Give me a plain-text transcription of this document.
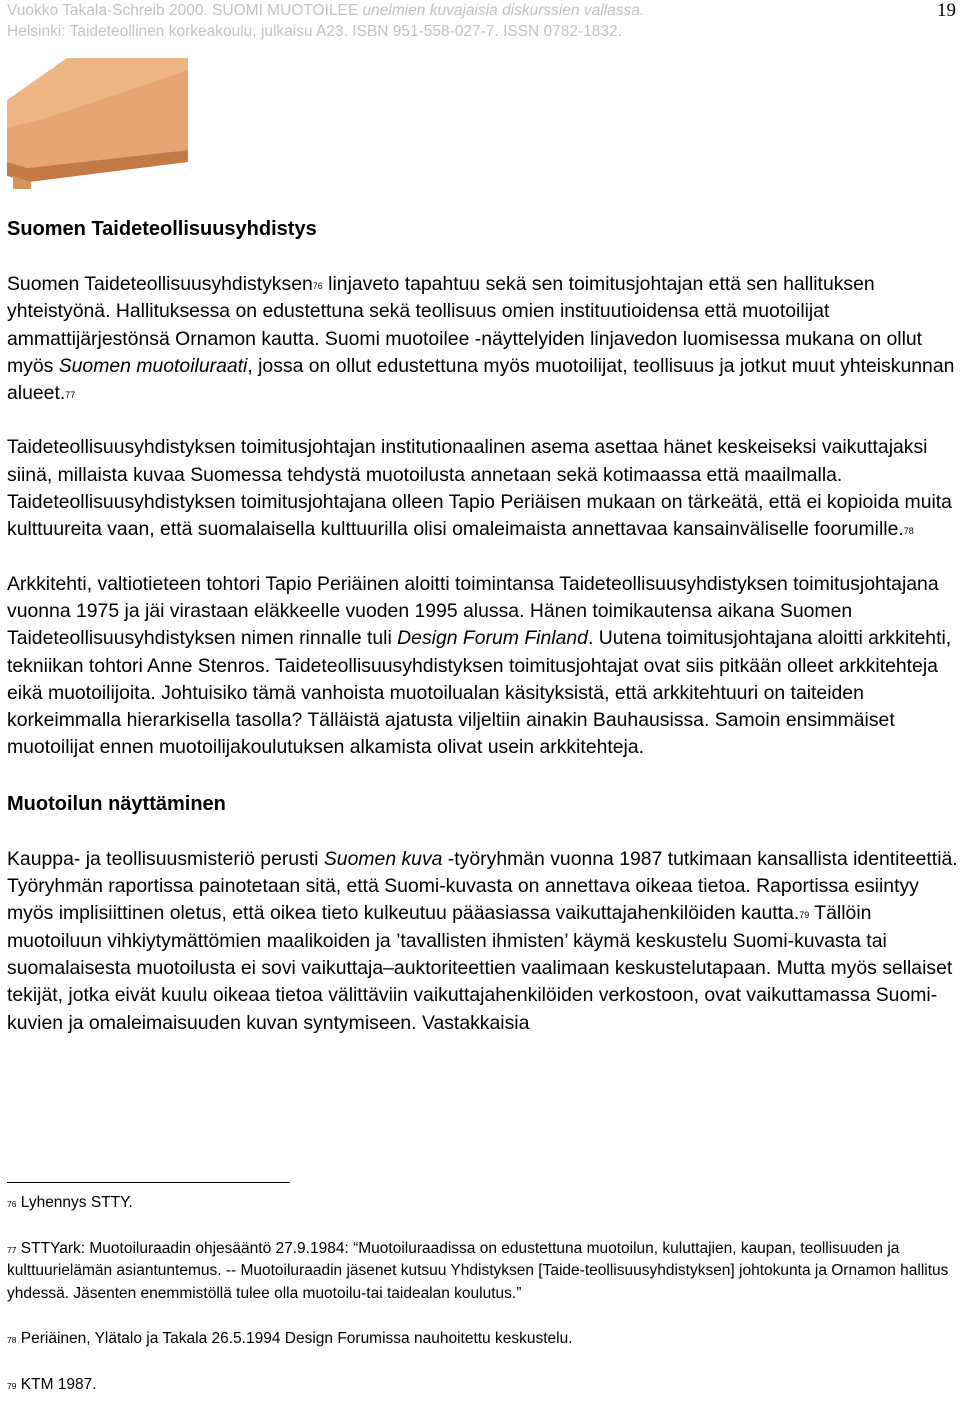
Vuokko Takala-Schreib 2000. SUOMI MUOTOILEE unelmien kuvajaisia diskurssien vallassa.
Helsinki: Taideteollinen korkeakoulu, julkaisu A23. ISBN 951-558-027-7. ISSN 0782-1832.
19
Suomen Taideteollisuusyhdistys

Suomen Taideteollisuusyhdistyksen$^{76}$ linjaveto tapahtuu sekä sen toimitusjohtajan että sen hallituksen yhteistyönä. Hallituksessa on edustettuna sekä teollisuus omien instituutioidensa että muotoilijat ammattijärjestönsä Ornamon kautta. Suomi muotoilee -näyttelyiden linjavedon luomisessa mukana on ollut myös Suomen muotoiluraati, jossa on ollut edustettuna myös muotoilijat, teollisuus ja jotkut muut yhteiskunnan alueet.$^{77}$

Taideteollisuusyhdistyksen toimitusjohtajan institutionaalinen asema asettaa hänet keskeiseksi vaikuttajaksi siinä, millaista kuvaa Suomessa tehdystä muotoilusta annetaan sekä kotimaassa että maailmalla. Taideteollisuusyhdistyksen toimitusjohtajana olleen Tapio Periäisen mukaan on tärkeätä, että ei kopioida muita kulttuureita vaan, että suomalaisella kulttuurilla olisi omaleimaista annettavaa kansainväliselle foorumille.$^{78}$

Arkkitehti, valtiotieteen tohtori Tapio Periäinen aloitti toimintansa Taideteollisuusyhdistyksen toimitusjohtajana vuonna 1975 ja jäi virastaan eläkkeelle vuoden 1995 alussa. Hänen toimikautensa aikana Suomen Taideteollisuusyhdistyksen nimen rinnalle tuli Design Forum Finland. Uutena toimitusjohtajana aloitti arkkitehti, tekniikan tohtori Anne Stenros. Taideteollisuusyhdistyksen toimitusjohtajat ovat siis pitkään olleet arkkitehteja eikä muotoilijoita. Johtuisiko tämä vanhoista muotoilualan käsityksistä, että arkkitehtuuri on taiteiden korkeimmalla hierarkisella tasolla? Tälläistä ajatusta viljeltiin ainakin Bauhausissa. Samoin ensimmäiset muotoilijat ennen muotoilijakoulutuksen alkamista olivat usein arkkitehteja.

Muotoilun näyttäminen

Kauppa- ja teollisuusmisteriö perusti Suomen kuva -työryhmän vuonna 1987 tutkimaan kansallista identiteettiä. Työryhmän raportissa painotetaan sitä, että Suomi-kuvasta on annettava oikeaa tietoa. Raportissa esiintyy myös implisiittinen oletus, että oikea tieto kulkeutuu pääasiassa vaikuttajahenkilöiden kautta.$^{79}$ Tällöin muotoiluun vihkiytymättömien maalikoiden ja ’tavallisten ihmisten’ käymä keskustelu Suomi-kuvasta tai suomalaisesta muotoilusta ei sovi vaikuttaja–auktoriteettien vaalimaan keskustelutapaan. Mutta myös sellaiset tekijät, jotka eivät kuulu oikeaa tietoa välittäviin vaikuttajahenkilöiden verkostoon, ovat vaikuttamassa Suomi-kuvien ja omaleimaisuuden kuvan syntymiseen. Vastakkaisia

$^{76}$ Lyhennys STTY.
$^{77}$ STTYark: Muotoiluraadin ohjesääntö 27.9.1984: “Muotoiluraadissa on edustettuna muotoilun, kuluttajien, kaupan, teollisuuden ja kulttuurielämän asiantuntemus. -- Muotoiluraadin jäsenet kutsuu Yhdistyksen [Taide-teollisuusyhdistyksen] johtokunta ja Ornamon hallitus yhdessä. Jäsenten enemmistöllä tulee olla muotoilu-tai taidealan koulutus.”
$^{78}$ Periäinen, Ylätalo ja Takala 26.5.1994 Design Forumissa nauhoitettu keskustelu.
$^{79}$ KTM 1987.
